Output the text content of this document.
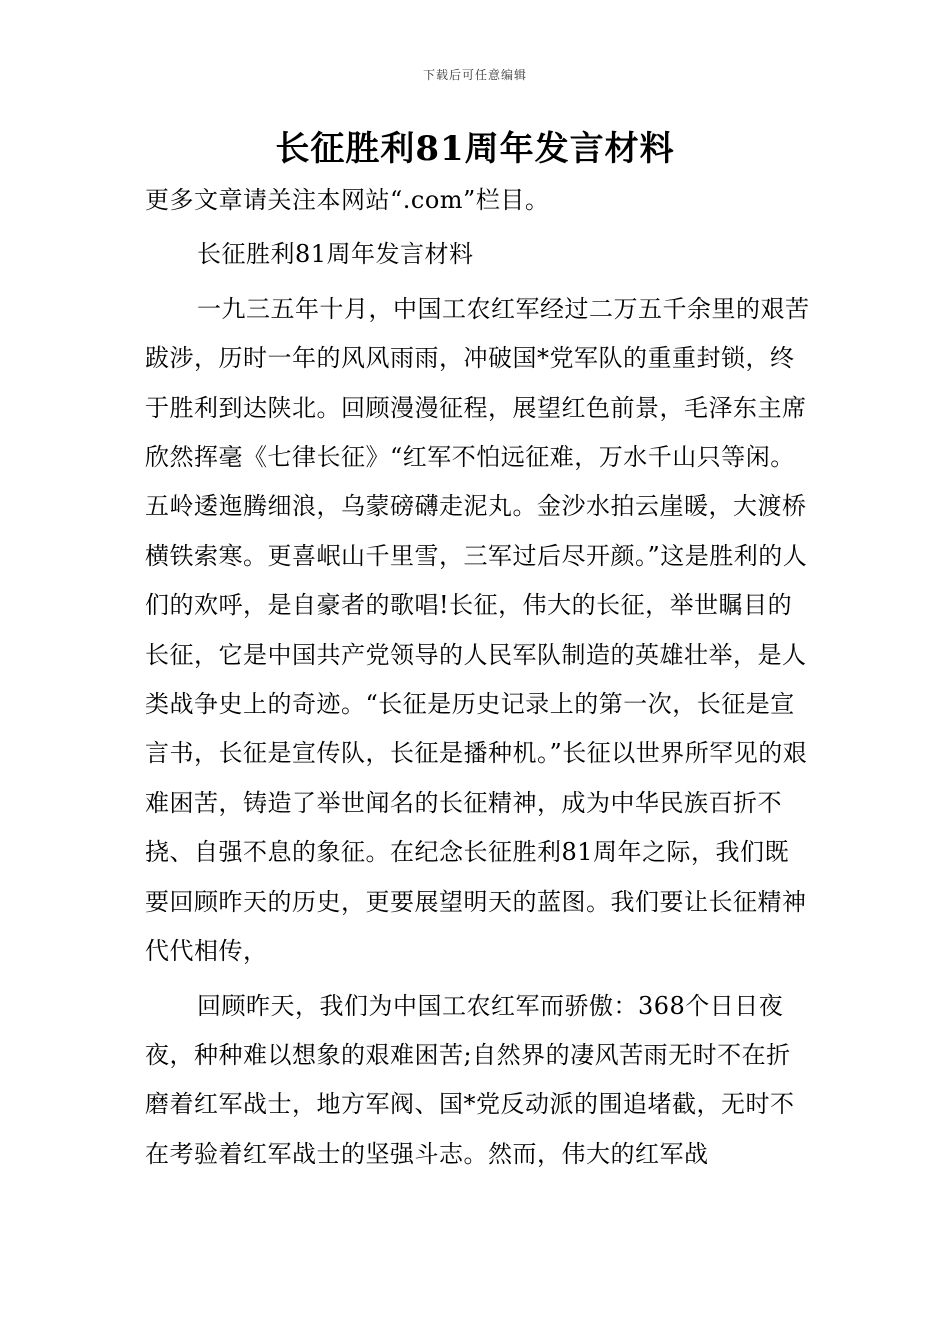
下载后可任意编辑
长征胜利81周年发言材料

更多文章请关注本网站“.com”栏目。

长征胜利81周年发言材料

一九三五年十月，中国工农红军经过二万五千余里的艰苦跋涉，历时一年的风风雨雨，冲破国*党军队的重重封锁，终于胜利到达陕北。回顾漫漫征程，展望红色前景，毛泽东主席欣然挥毫《七律长征》“红军不怕远征难，万水千山只等闲。五岭逶迤腾细浪，乌蒙磅礴走泥丸。金沙水拍云崖暖，大渡桥横铁索寒。更喜岷山千里雪，三军过后尽开颜。”这是胜利的人们的欢呼，是自豪者的歌唱!长征，伟大的长征，举世瞩目的长征，它是中国共产党领导的人民军队制造的英雄壮举，是人类战争史上的奇迹。“长征是历史记录上的第一次，长征是宣言书，长征是宣传队，长征是播种机。”长征以世界所罕见的艰难困苦，铸造了举世闻名的长征精神，成为中华民族百折不挠、自强不息的象征。在纪念长征胜利81周年之际，我们既要回顾昨天的历史，更要展望明天的蓝图。我们要让长征精神代代相传，

回顾昨天，我们为中国工农红军而骄傲：368个日日夜夜，种种难以想象的艰难困苦;自然界的凄风苦雨无时不在折磨着红军战士，地方军阀、国*党反动派的围追堵截，无时不在考验着红军战士的坚强斗志。然而，伟大的红军战
